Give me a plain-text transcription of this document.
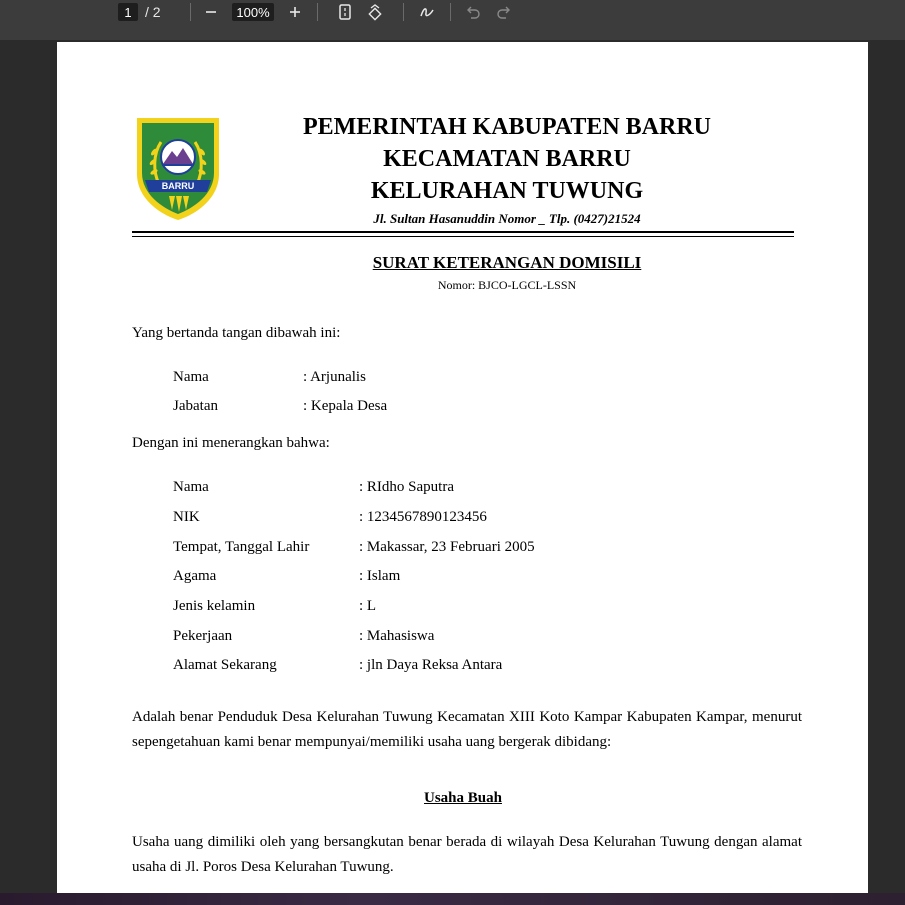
1 / 2	100%
BARRU
PEMERINTAH KABUPATEN BARRU
KECAMATAN BARRU
KELURAHAN TUWUNG
Jl. Sultan Hasanuddin Nomor _ Tlp. (0427)21524
SURAT KETERANGAN DOMISILI
Nomor: BJCO-LGCL-LSSN
Yang bertanda tangan dibawah ini:
Nama	: Arjunalis
Jabatan	: Kepala Desa
Dengan ini menerangkan bahwa:
Nama	: RIdho Saputra
NIK	: 1234567890123456
Tempat, Tanggal Lahir	: Makassar, 23 Februari 2005
Agama	: Islam
Jenis kelamin	: L
Pekerjaan	: Mahasiswa
Alamat Sekarang	: jln Daya Reksa Antara
Adalah benar Penduduk Desa Kelurahan Tuwung Kecamatan XIII Koto Kampar Kabupaten Kampar, menurut sepengetahuan kami benar mempunyai/memiliki usaha uang bergerak dibidang:
Usaha Buah
Usaha uang dimiliki oleh yang bersangkutan benar berada di wilayah Desa Kelurahan Tuwung dengan alamat usaha di Jl. Poros Desa Kelurahan Tuwung.
